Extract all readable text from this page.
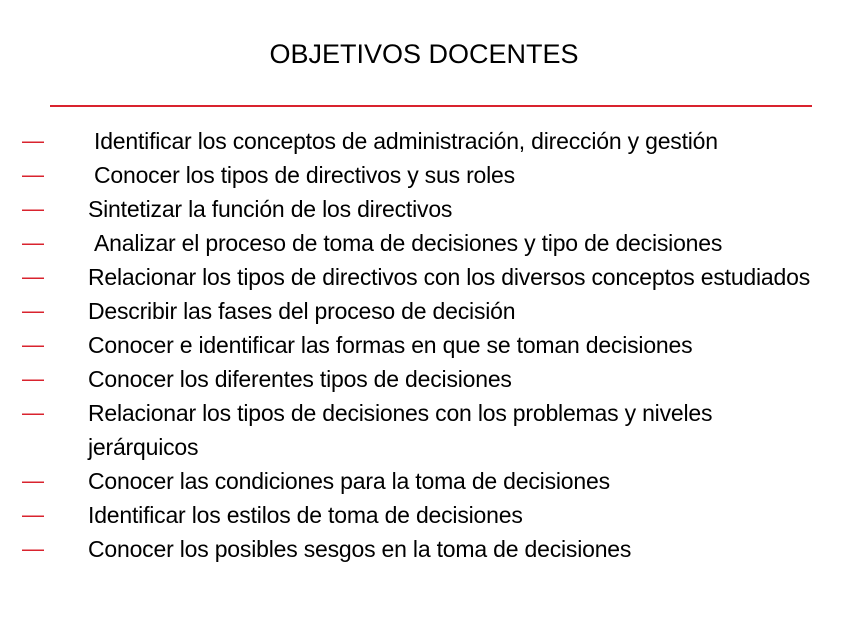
OBJETIVOS DOCENTES
— Identificar los conceptos de administración, dirección y gestión
— Conocer los tipos de directivos y sus roles
— Sintetizar la función de los directivos
— Analizar el proceso de toma de decisiones y tipo de decisiones
— Relacionar los tipos de directivos con los diversos conceptos estudiados
— Describir las fases del proceso de decisión
— Conocer e identificar las formas en que se toman decisiones
— Conocer los diferentes tipos de decisiones
— Relacionar los tipos de decisiones con los problemas y niveles jerárquicos
— Conocer las condiciones para la toma de decisiones
— Identificar los estilos de toma de decisiones
— Conocer los posibles sesgos en la toma de decisiones
